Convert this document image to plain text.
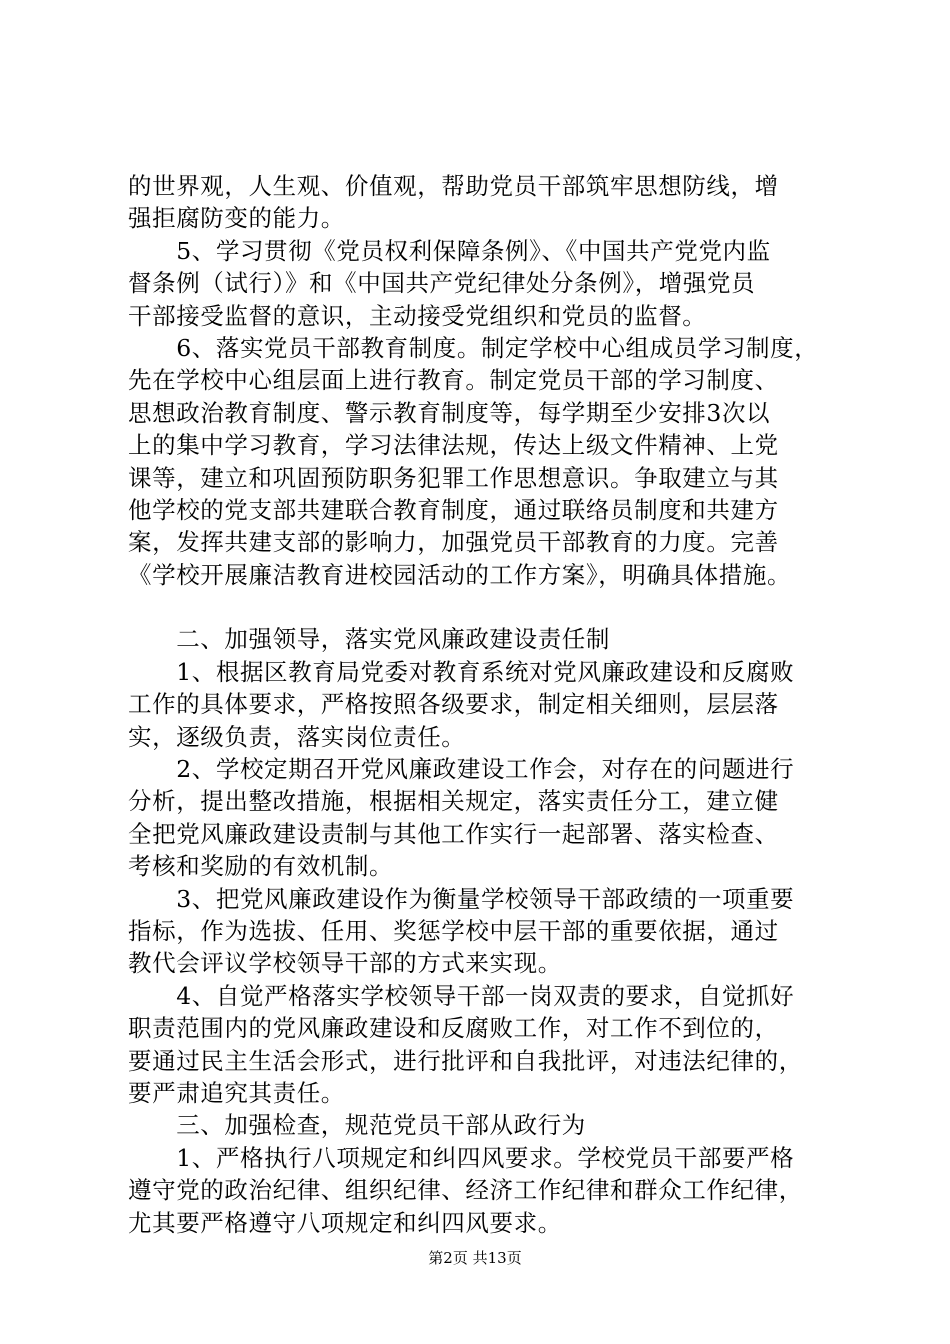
的世界观，人生观、价值观，帮助党员干部筑牢思想防线，增
强拒腐防变的能力。
　　5、学习贯彻《党员权利保障条例》、《中国共产党党内监
督条例（试行）》和《中国共产党纪律处分条例》，增强党员
干部接受监督的意识，主动接受党组织和党员的监督。
　　6、落实党员干部教育制度。制定学校中心组成员学习制度，
先在学校中心组层面上进行教育。制定党员干部的学习制度、
思想政治教育制度、警示教育制度等，每学期至少安排3次以
上的集中学习教育，学习法律法规，传达上级文件精神、上党
课等，建立和巩固预防职务犯罪工作思想意识。争取建立与其
他学校的党支部共建联合教育制度，通过联络员制度和共建方
案，发挥共建支部的影响力，加强党员干部教育的力度。完善
《学校开展廉洁教育进校园活动的工作方案》，明确具体措施。
　　二、加强领导，落实党风廉政建设责任制
　　1、根据区教育局党委对教育系统对党风廉政建设和反腐败
工作的具体要求，严格按照各级要求，制定相关细则，层层落
实，逐级负责，落实岗位责任。
　　2、学校定期召开党风廉政建设工作会，对存在的问题进行
分析，提出整改措施，根据相关规定，落实责任分工，建立健
全把党风廉政建设责制与其他工作实行一起部署、落实检查、
考核和奖励的有效机制。
　　3、把党风廉政建设作为衡量学校领导干部政绩的一项重要
指标，作为选拔、任用、奖惩学校中层干部的重要依据，通过
教代会评议学校领导干部的方式来实现。
　　4、自觉严格落实学校领导干部一岗双责的要求，自觉抓好
职责范围内的党风廉政建设和反腐败工作，对工作不到位的，
要通过民主生活会形式，进行批评和自我批评，对违法纪律的，
要严肃追究其责任。
　　三、加强检查，规范党员干部从政行为
　　1、严格执行八项规定和纠四风要求。学校党员干部要严格
遵守党的政治纪律、组织纪律、经济工作纪律和群众工作纪律，
尤其要严格遵守八项规定和纠四风要求。
第2页 共13页
